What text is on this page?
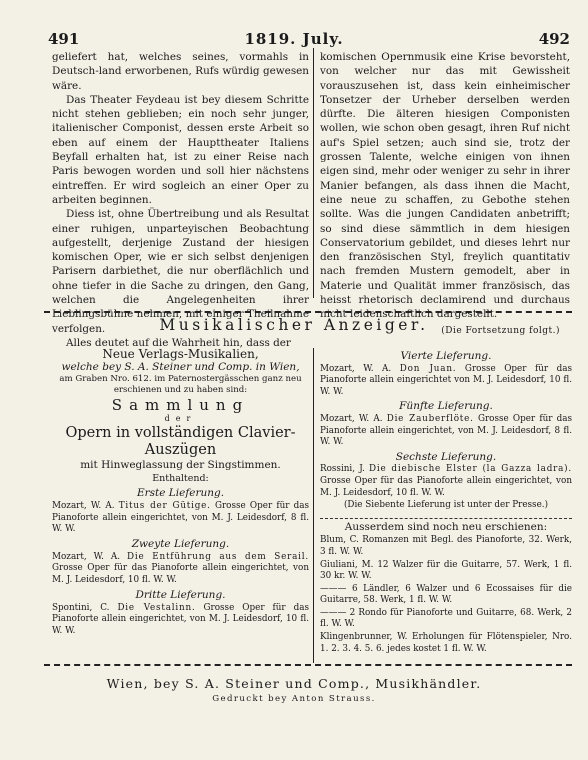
491	1819. July.	492

geliefert hat, welches seines, vormahls in Deutsch-land erworbenen, Rufs würdig gewesen wäre.

Das Theater Feydeau ist bey diesem Schritte nicht stehen geblieben; ein noch sehr junger, italienischer Componist, dessen erste Arbeit so eben auf einem der Haupttheater Italiens Beyfall erhalten hat, ist zu einer Reise nach Paris bewogen worden und soll hier nächstens eintreffen. Er wird sogleich an einer Oper zu arbeiten beginnen.

Diess ist, ohne Übertreibung und als Resultat einer ruhigen, unparteyischen Beobachtung aufgestellt, derjenige Zustand der hiesigen komischen Oper, wie er sich selbst denjenigen Parisern darbiethet, die nur oberflächlich und ohne tiefer in die Sache zu dringen, den Gang, welchen die Angelegenheiten ihrer Lieblingsbühne nehmen, mit einiger Theilnahme verfolgen.

Alles deutet auf die Wahrheit hin, dass der

komischen Opernmusik eine Krise bevorsteht, von welcher nur das mit Gewissheit vorauszusehen ist, dass kein einheimischer Tonsetzer der Urheber derselben werden dürfte. Die älteren hiesigen Componisten wollen, wie schon oben gesagt, ihren Ruf nicht auf's Spiel setzen; auch sind sie, trotz der grossen Talente, welche einigen von ihnen eigen sind, mehr oder weniger zu sehr in ihrer Manier befangen, als dass ihnen die Macht, eine neue zu schaffen, zu Gebothe stehen sollte. Was die jungen Candidaten anbetrifft; so sind diese sämmtlich in dem hiesigen Conservatorium gebildet, und dieses lehrt nur den französischen Styl, freylich quantitativ nach fremden Mustern gemodelt, aber in Materie und Qualität immer französisch, das heisst rhetorisch declamirend und durchaus nicht leidenschaftlich dargestellt.

(Die Fortsetzung folgt.)

Musikalischer Anzeiger.
Neue Verlags-Musikalien,
welche bey S. A. Steiner und Comp. in Wien,
am Graben Nro. 612. im Paternostergässchen ganz neu erschienen und zu haben sind:
Sammlung
der
Opern in vollständigen Clavier-Auszügen
mit Hinweglassung der Singstimmen.
Enthaltend:
Erste Lieferung.
Mozart, W. A. Titus der Gütige. Grosse Oper für das Pianoforte allein eingerichtet, von M. J. Leidesdorf, 8 fl. W. W.
Zweyte Lieferung.
Mozart, W. A. Die Entführung aus dem Serail. Grosse Oper für das Pianoforte allein eingerichtet, von M. J. Leidesdorf, 10 fl. W. W.
Dritte Lieferung.
Spontini, C. Die Vestalinn. Grosse Oper für das Pianoforte allein eingerichtet, von M. J. Leidesdorf, 10 fl. W. W.
Vierte Lieferung.
Mozart, W. A. Don Juan. Grosse Oper für das Pianoforte allein eingerichtet von M. J. Leidesdorf, 10 fl. W. W.
Fünfte Lieferung.
Mozart, W. A. Die Zauberflöte. Grosse Oper für das Pianoforte allein eingerichtet, von M. J. Leidesdorf, 8 fl. W. W.
Sechste Lieferung.
Rossini, J. Die diebische Elster (la Gazza ladra). Grosse Oper für das Pianoforte allein eingerichtet, von M. J. Leidesdorf, 10 fl. W. W.
(Die Siebente Lieferung ist unter der Presse.)
Ausserdem sind noch neu erschienen:
Blum, C. Romanzen mit Begl. des Pianoforte, 32. Werk, 3 fl. W. W.
Giuliani, M. 12 Walzer für die Guitarre, 57. Werk, 1 fl. 30 kr. W. W.
——— 6 Ländler, 6 Walzer und 6 Ecossaises für die Guitarre, 58. Werk, 1 fl. W. W.
——— 2 Rondo für Pianoforte und Guitarre, 68. Werk, 2 fl. W. W.
Klingenbrunner, W. Erholungen für Flötenspieler, Nro. 1. 2. 3. 4. 5. 6. jedes kostet 1 fl. W. W.
Wien, bey S. A. Steiner und Comp., Musikhändler.
Gedruckt bey Anton Strauss.
